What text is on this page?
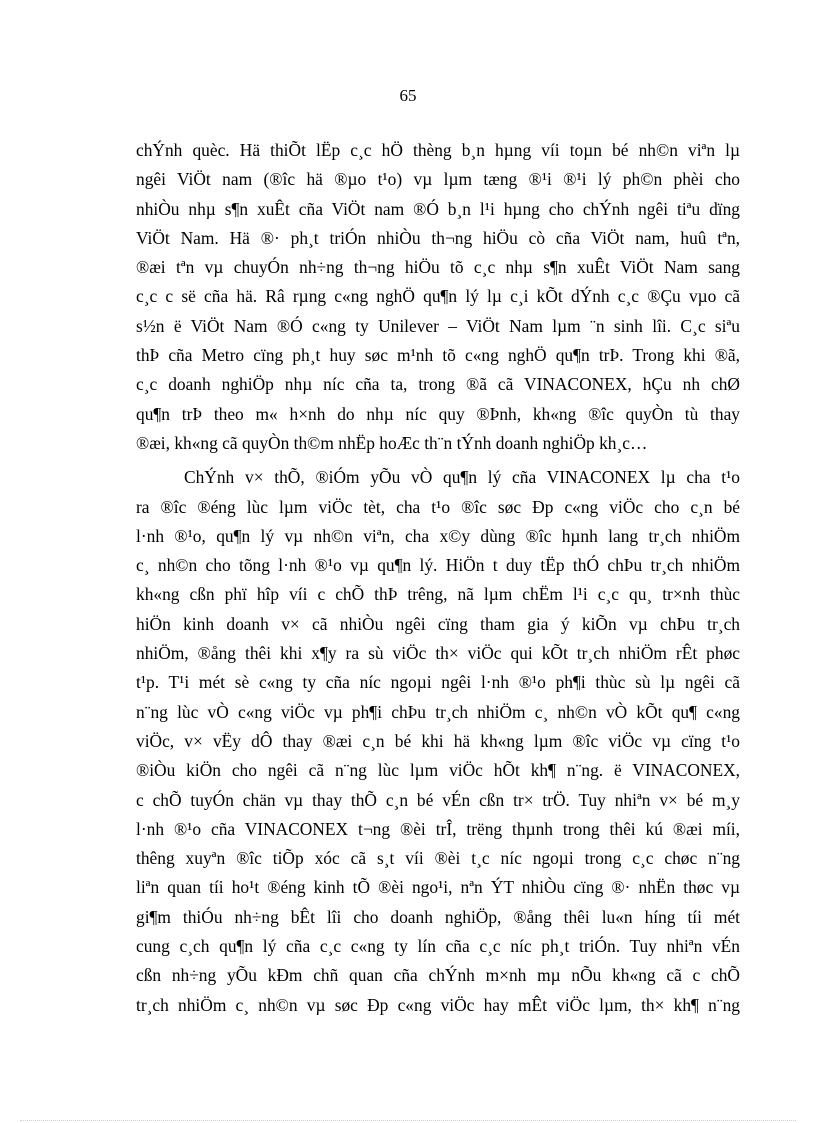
65
chÝnh quèc. Hä thiÕt lËp c¸c hÖ thèng b¸n hµng víi toµn bé nh©n viªn lµ
ngêi ViÖt nam (®îc hä ®µo t¹o) vµ lµm tæng ®¹i ®¹i lý ph©n phèi cho
nhiÒu nhµ s¶n xuÊt cña ViÖt nam ®Ó b¸n l¹i hµng cho chÝnh ngêi tiªu dïng
ViÖt Nam. Hä ®· ph¸t triÓn nhiÒu th¬ng hiÖu cò cña ViÖt nam, huû tªn,
®æi tªn vµ chuyÓn nh÷ng th¬ng hiÖu tõ c¸c nhµ s¶n xuÊt ViÖt Nam sang
c¸c c së cña hä. Râ rµng c«ng nghÖ qu¶n lý lµ c¸i kÕt dÝnh c¸c ®Çu vµo cã
s½n ë ViÖt Nam ®Ó c«ng ty Unilever – ViÖt Nam lµm ¨n sinh lîi. C¸c siªu
thÞ cña Metro cïng ph¸t huy søc m¹nh tõ c«ng nghÖ qu¶n trÞ. Trong khi ®ã,
c¸c doanh nghiÖp nhµ níc cña ta, trong ®ã cã VINACONEX, hÇu nh chØ
qu¶n trÞ theo m« h×nh do nhµ níc quy ®Þnh, kh«ng ®îc quyÒn tù thay
®æi, kh«ng cã quyÒn th©m nhËp hoÆc th¨n tÝnh doanh nghiÖp kh¸c…
ChÝnh v× thÕ, ®iÓm yÕu vÒ qu¶n lý cña VINACONEX lµ cha t¹o
ra ®îc ®éng lùc lµm viÖc tèt, cha t¹o ®îc søc Ðp c«ng viÖc cho c¸n bé
l·nh ®¹o, qu¶n lý vµ nh©n viªn, cha x©y dùng ®îc hµnh lang tr¸ch nhiÖm
c¸ nh©n cho tõng l·nh ®¹o vµ qu¶n lý. HiÖn t duy tËp thÓ chÞu tr¸ch nhiÖm
kh«ng cßn phï hîp víi c chÕ thÞ trêng, nã lµm chËm l¹i c¸c qu¸ tr×nh thùc
hiÖn kinh doanh v× cã nhiÒu ngêi cïng tham gia ý kiÕn vµ chÞu tr¸ch
nhiÖm, ®ång thêi khi x¶y ra sù viÖc th× viÖc qui kÕt tr¸ch nhiÖm rÊt phøc
t¹p. T¹i mét sè c«ng ty cña níc ngoµi ngêi l·nh ®¹o ph¶i thùc sù lµ ngêi cã
n¨ng lùc vÒ c«ng viÖc vµ ph¶i chÞu tr¸ch nhiÖm c¸ nh©n vÒ kÕt qu¶ c«ng
viÖc, v× vËy dÔ thay ®æi c¸n bé khi hä kh«ng lµm ®îc viÖc vµ cïng t¹o
®iÒu kiÖn cho ngêi cã n¨ng lùc lµm viÖc hÕt kh¶ n¨ng. ë VINACONEX,
c chÕ tuyÓn chän vµ thay thÕ c¸n bé vÉn cßn tr× trÖ. Tuy nhiªn v× bé m¸y
l·nh ®¹o cña VINACONEX t¬ng ®èi trÎ, trëng thµnh trong thêi kú ®æi míi,
thêng xuyªn ®îc tiÕp xóc cã s¸t víi ®èi t¸c níc ngoµi trong c¸c chøc n¨ng
liªn quan tíi ho¹t ®éng kinh tÕ ®èi ngo¹i, nªn ÝT nhiÒu cïng ®· nhËn thøc vµ
gi¶m thiÓu nh÷ng bÊt lîi cho doanh nghiÖp, ®ång thêi lu«n híng tíi mét
cung c¸ch qu¶n lý cña c¸c c«ng ty lín cña c¸c níc ph¸t triÓn. Tuy nhiªn vÉn
cßn nh÷ng yÕu kÐm chñ quan cña chÝnh m×nh mµ nÕu kh«ng cã c chÕ
tr¸ch nhiÖm c¸ nh©n vµ søc Ðp c«ng viÖc hay mÊt viÖc lµm, th× kh¶ n¨ng
